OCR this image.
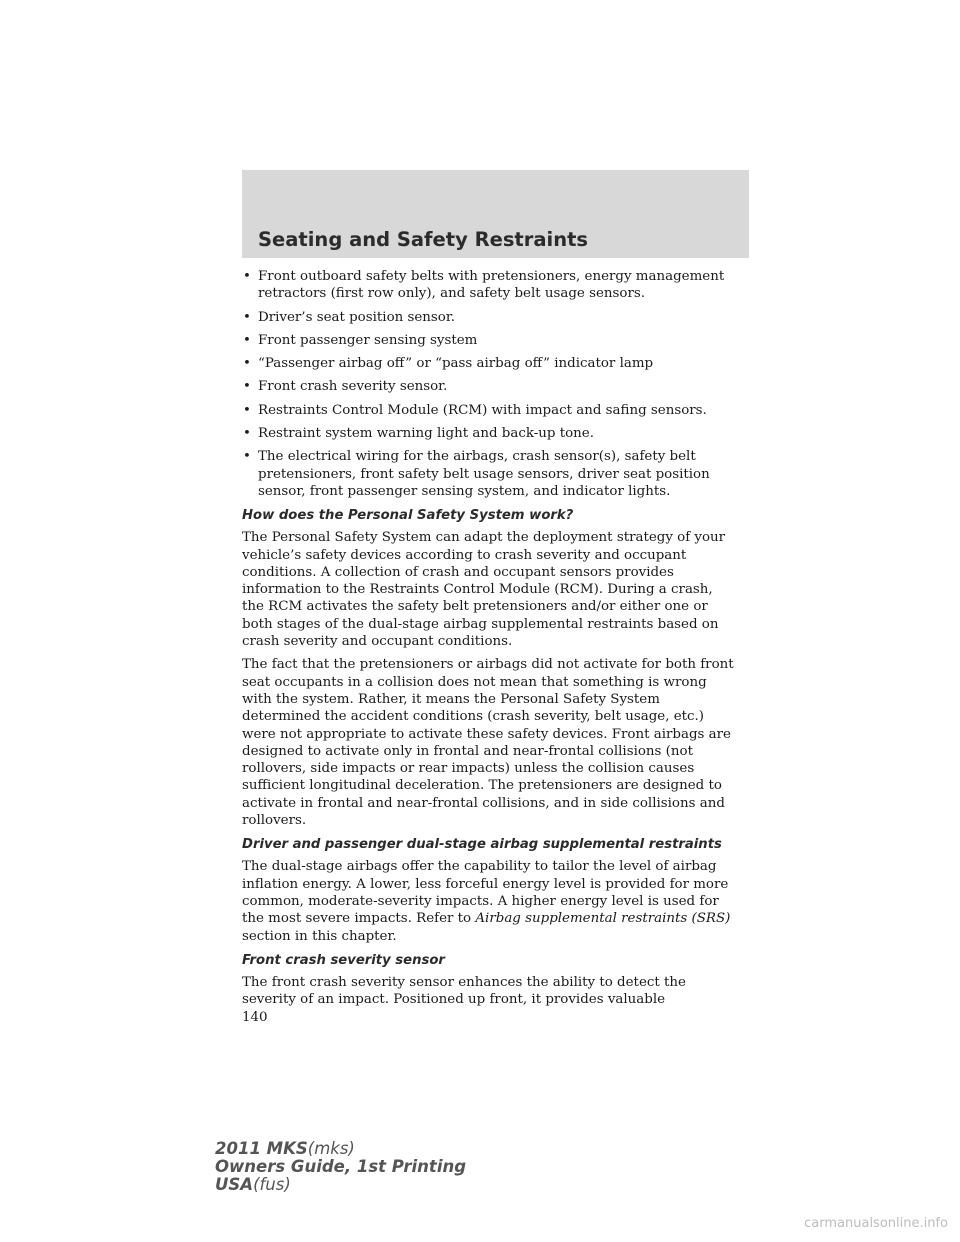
Seating and Safety Restraints
• Front outboard safety belts with pretensioners, energy management retractors (first row only), and safety belt usage sensors.
• Driver’s seat position sensor.
• Front passenger sensing system
• “Passenger airbag off” or “pass airbag off” indicator lamp
• Front crash severity sensor.
• Restraints Control Module (RCM) with impact and safing sensors.
• Restraint system warning light and back-up tone.
• The electrical wiring for the airbags, crash sensor(s), safety belt pretensioners, front safety belt usage sensors, driver seat position sensor, front passenger sensing system, and indicator lights.
How does the Personal Safety System work?

The Personal Safety System can adapt the deployment strategy of your vehicle’s safety devices according to crash severity and occupant conditions. A collection of crash and occupant sensors provides information to the Restraints Control Module (RCM). During a crash, the RCM activates the safety belt pretensioners and/or either one or both stages of the dual-stage airbag supplemental restraints based on crash severity and occupant conditions.

The fact that the pretensioners or airbags did not activate for both front seat occupants in a collision does not mean that something is wrong with the system. Rather, it means the Personal Safety System determined the accident conditions (crash severity, belt usage, etc.) were not appropriate to activate these safety devices. Front airbags are designed to activate only in frontal and near-frontal collisions (not rollovers, side impacts or rear impacts) unless the collision causes sufficient longitudinal deceleration. The pretensioners are designed to activate in frontal and near-frontal collisions, and in side collisions and rollovers.

Driver and passenger dual-stage airbag supplemental restraints

The dual-stage airbags offer the capability to tailor the level of airbag inflation energy. A lower, less forceful energy level is provided for more common, moderate-severity impacts. A higher energy level is used for the most severe impacts. Refer to Airbag supplemental restraints (SRS) section in this chapter.

Front crash severity sensor

The front crash severity sensor enhances the ability to detect the severity of an impact. Positioned up front, it provides valuable

140
2011 MKS(mks)
Owners Guide, 1st Printing
USA(fus)
carmanualsonline.info
